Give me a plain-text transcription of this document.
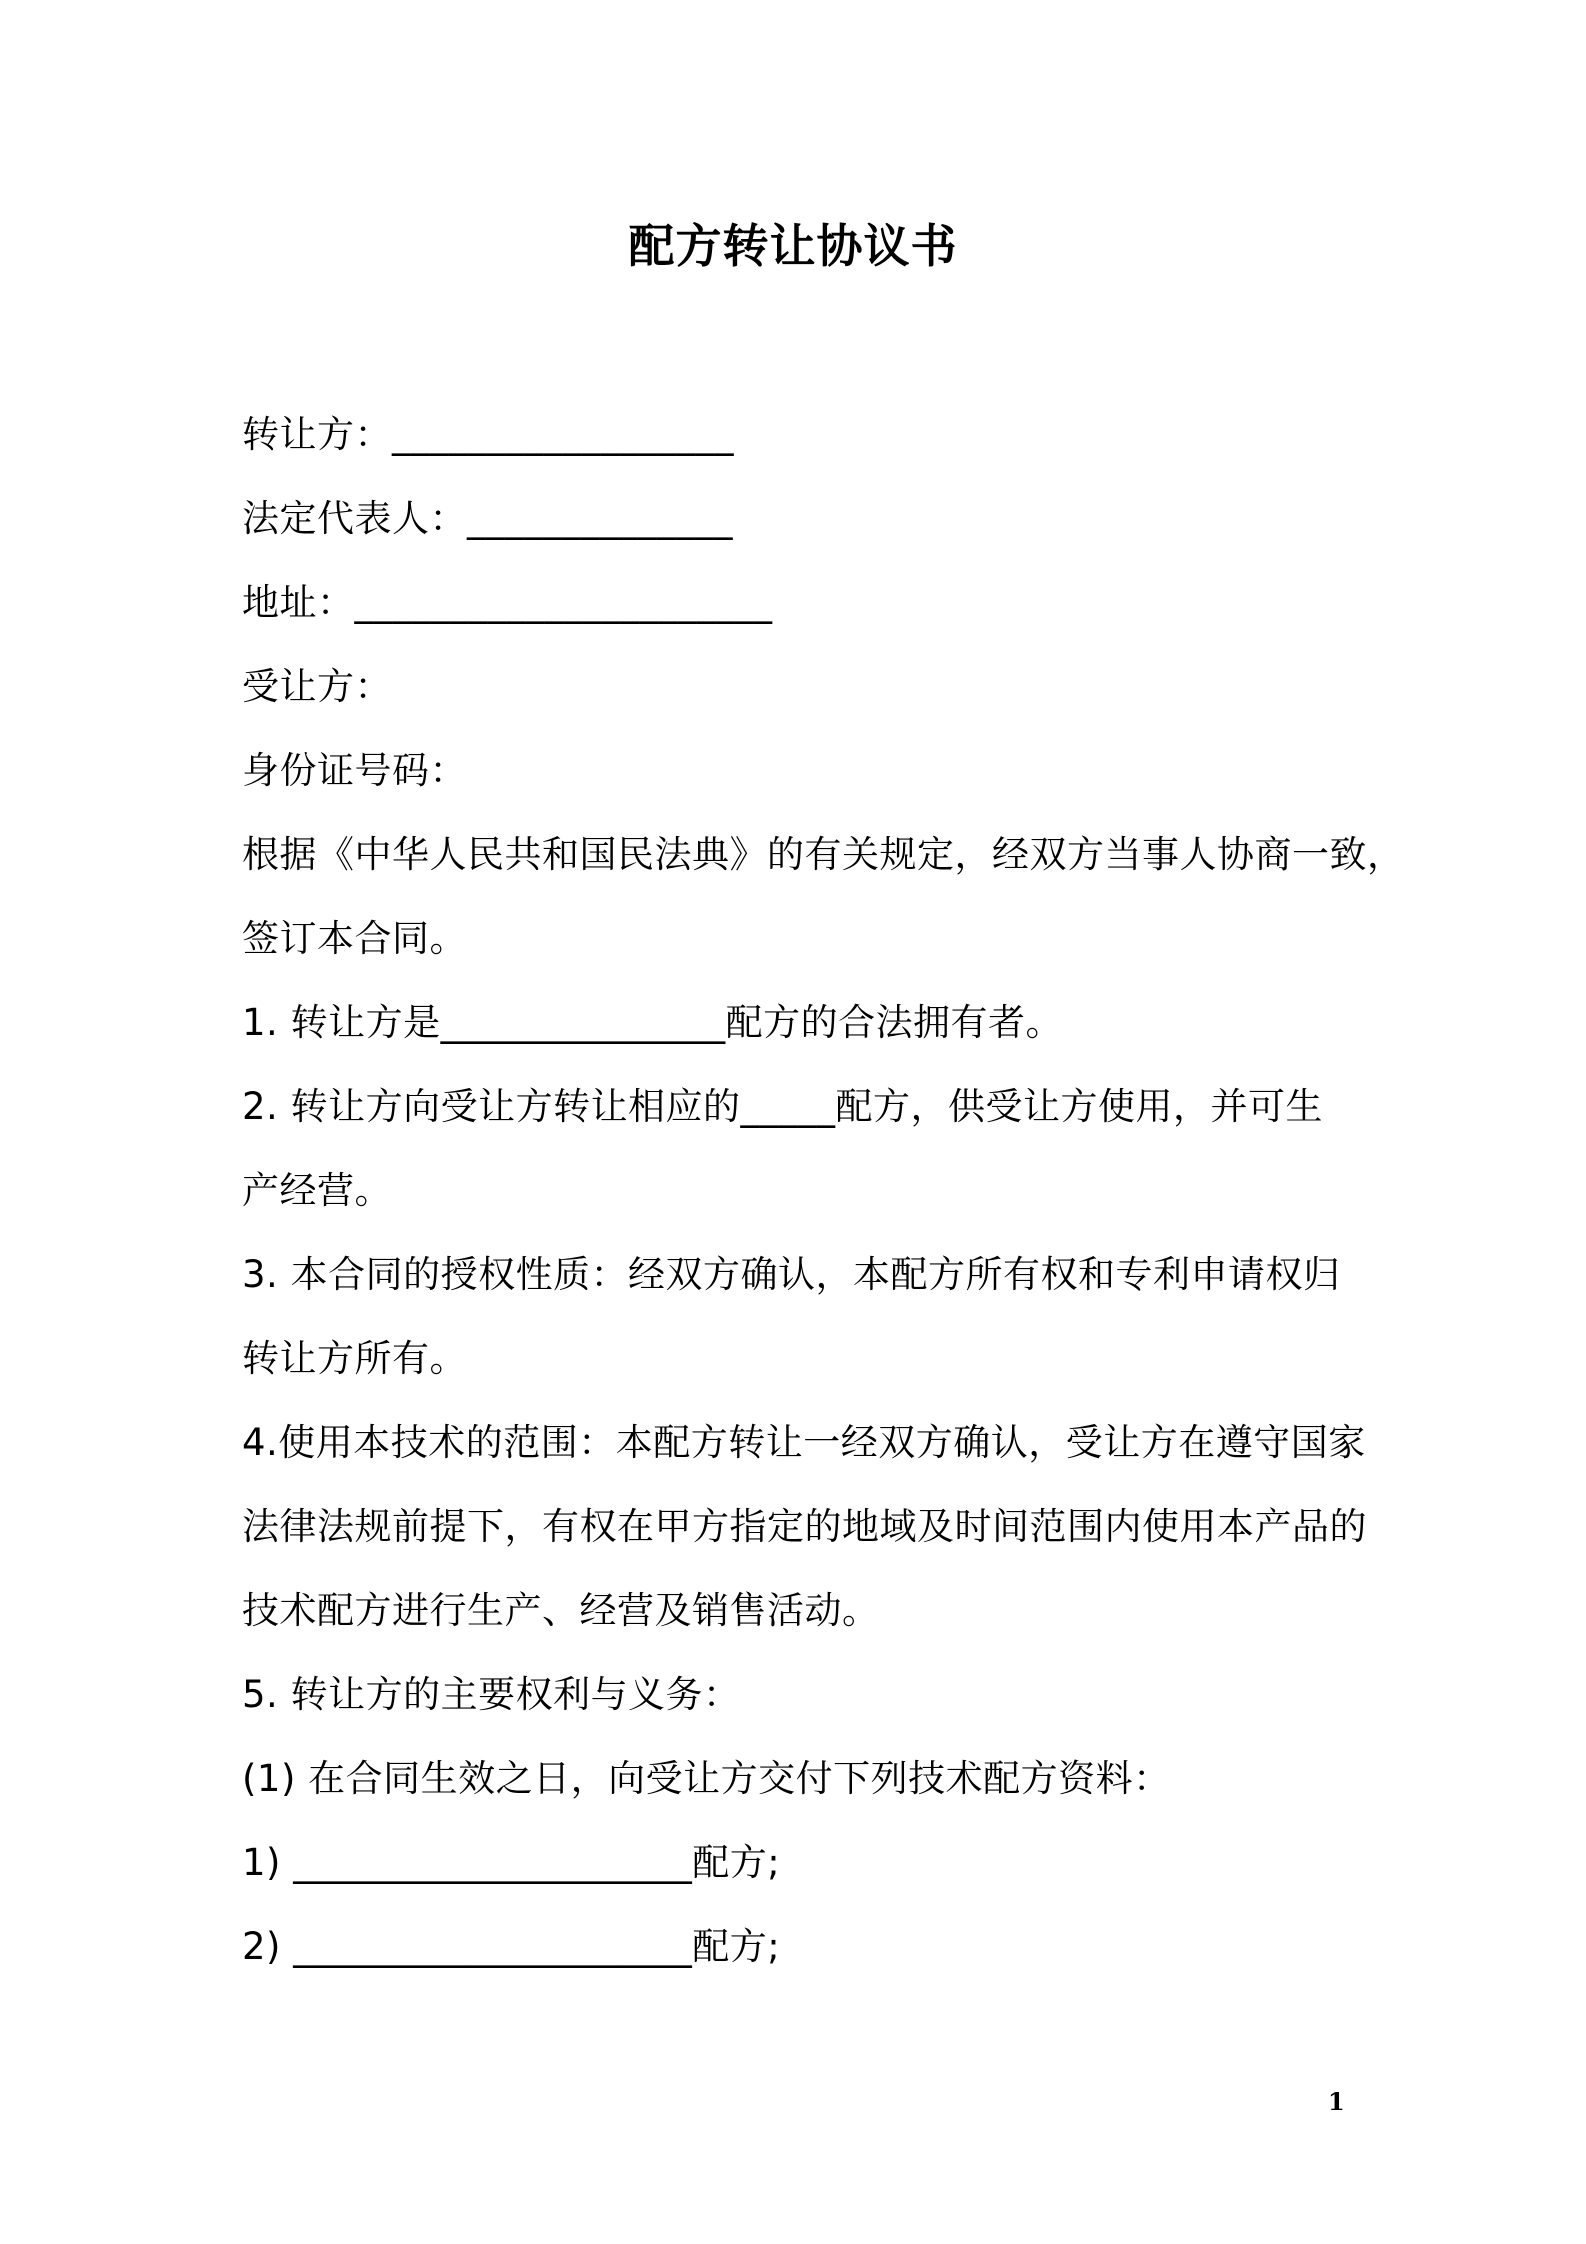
配方转让协议书
转让方：__________________
法定代表人：______________
地址：______________________
受让方：
身份证号码：
根据《中华人民共和国民法典》的有关规定，经双方当事人协商一致，
签订本合同。
1. 转让方是_______________配方的合法拥有者。
2. 转让方向受让方转让相应的_____配方，供受让方使用，并可生
产经营。
3. 本合同的授权性质：经双方确认，本配方所有权和专利申请权归
转让方所有。
4.使用本技术的范围：本配方转让一经双方确认，受让方在遵守国家
法律法规前提下，有权在甲方指定的地域及时间范围内使用本产品的
技术配方进行生产、经营及销售活动。
5. 转让方的主要权利与义务：
(1) 在合同生效之日，向受让方交付下列技术配方资料：
1) _____________________配方;
2) _____________________配方;
1
